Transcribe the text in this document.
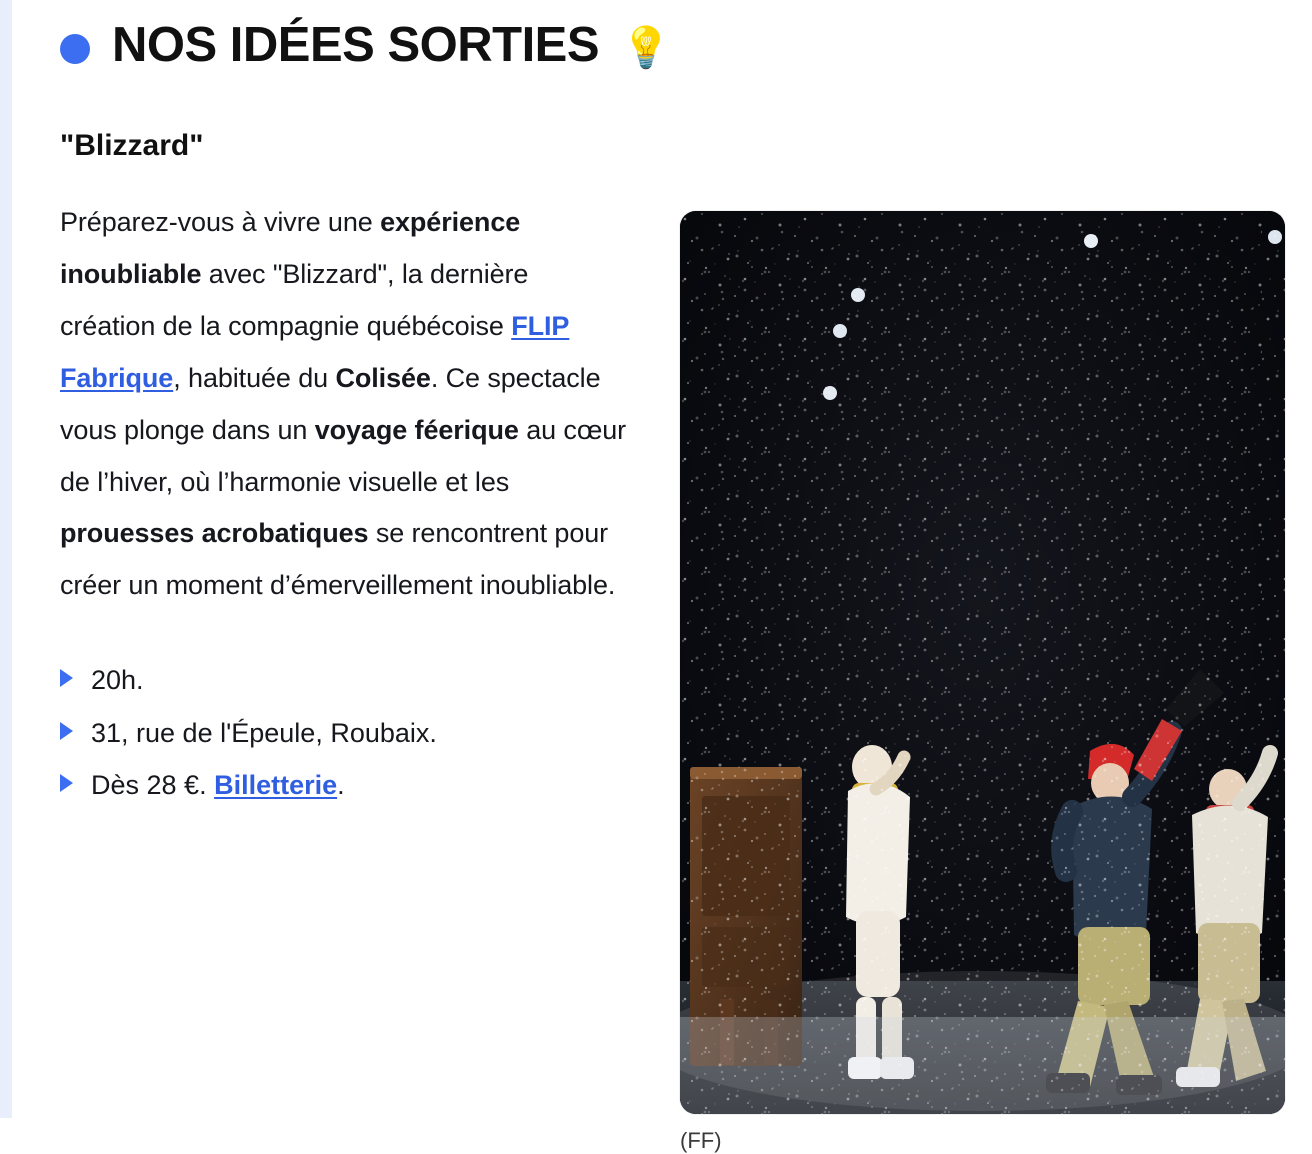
NOS IDÉES SORTIES 💡
"Blizzard"

Préparez-vous à vivre une expérience inoubliable avec "Blizzard", la dernière création de la compagnie québécoise FLIP Fabrique, habituée du Colisée. Ce spectacle vous plonge dans un voyage féerique au cœur de l’hiver, où l’harmonie visuelle et les prouesses acrobatiques se rencontrent pour créer un moment d’émerveillement inoubliable.

20h.
31, rue de l'Épeule, Roubaix.
Dès 28 €. Billetterie.
(FF)
